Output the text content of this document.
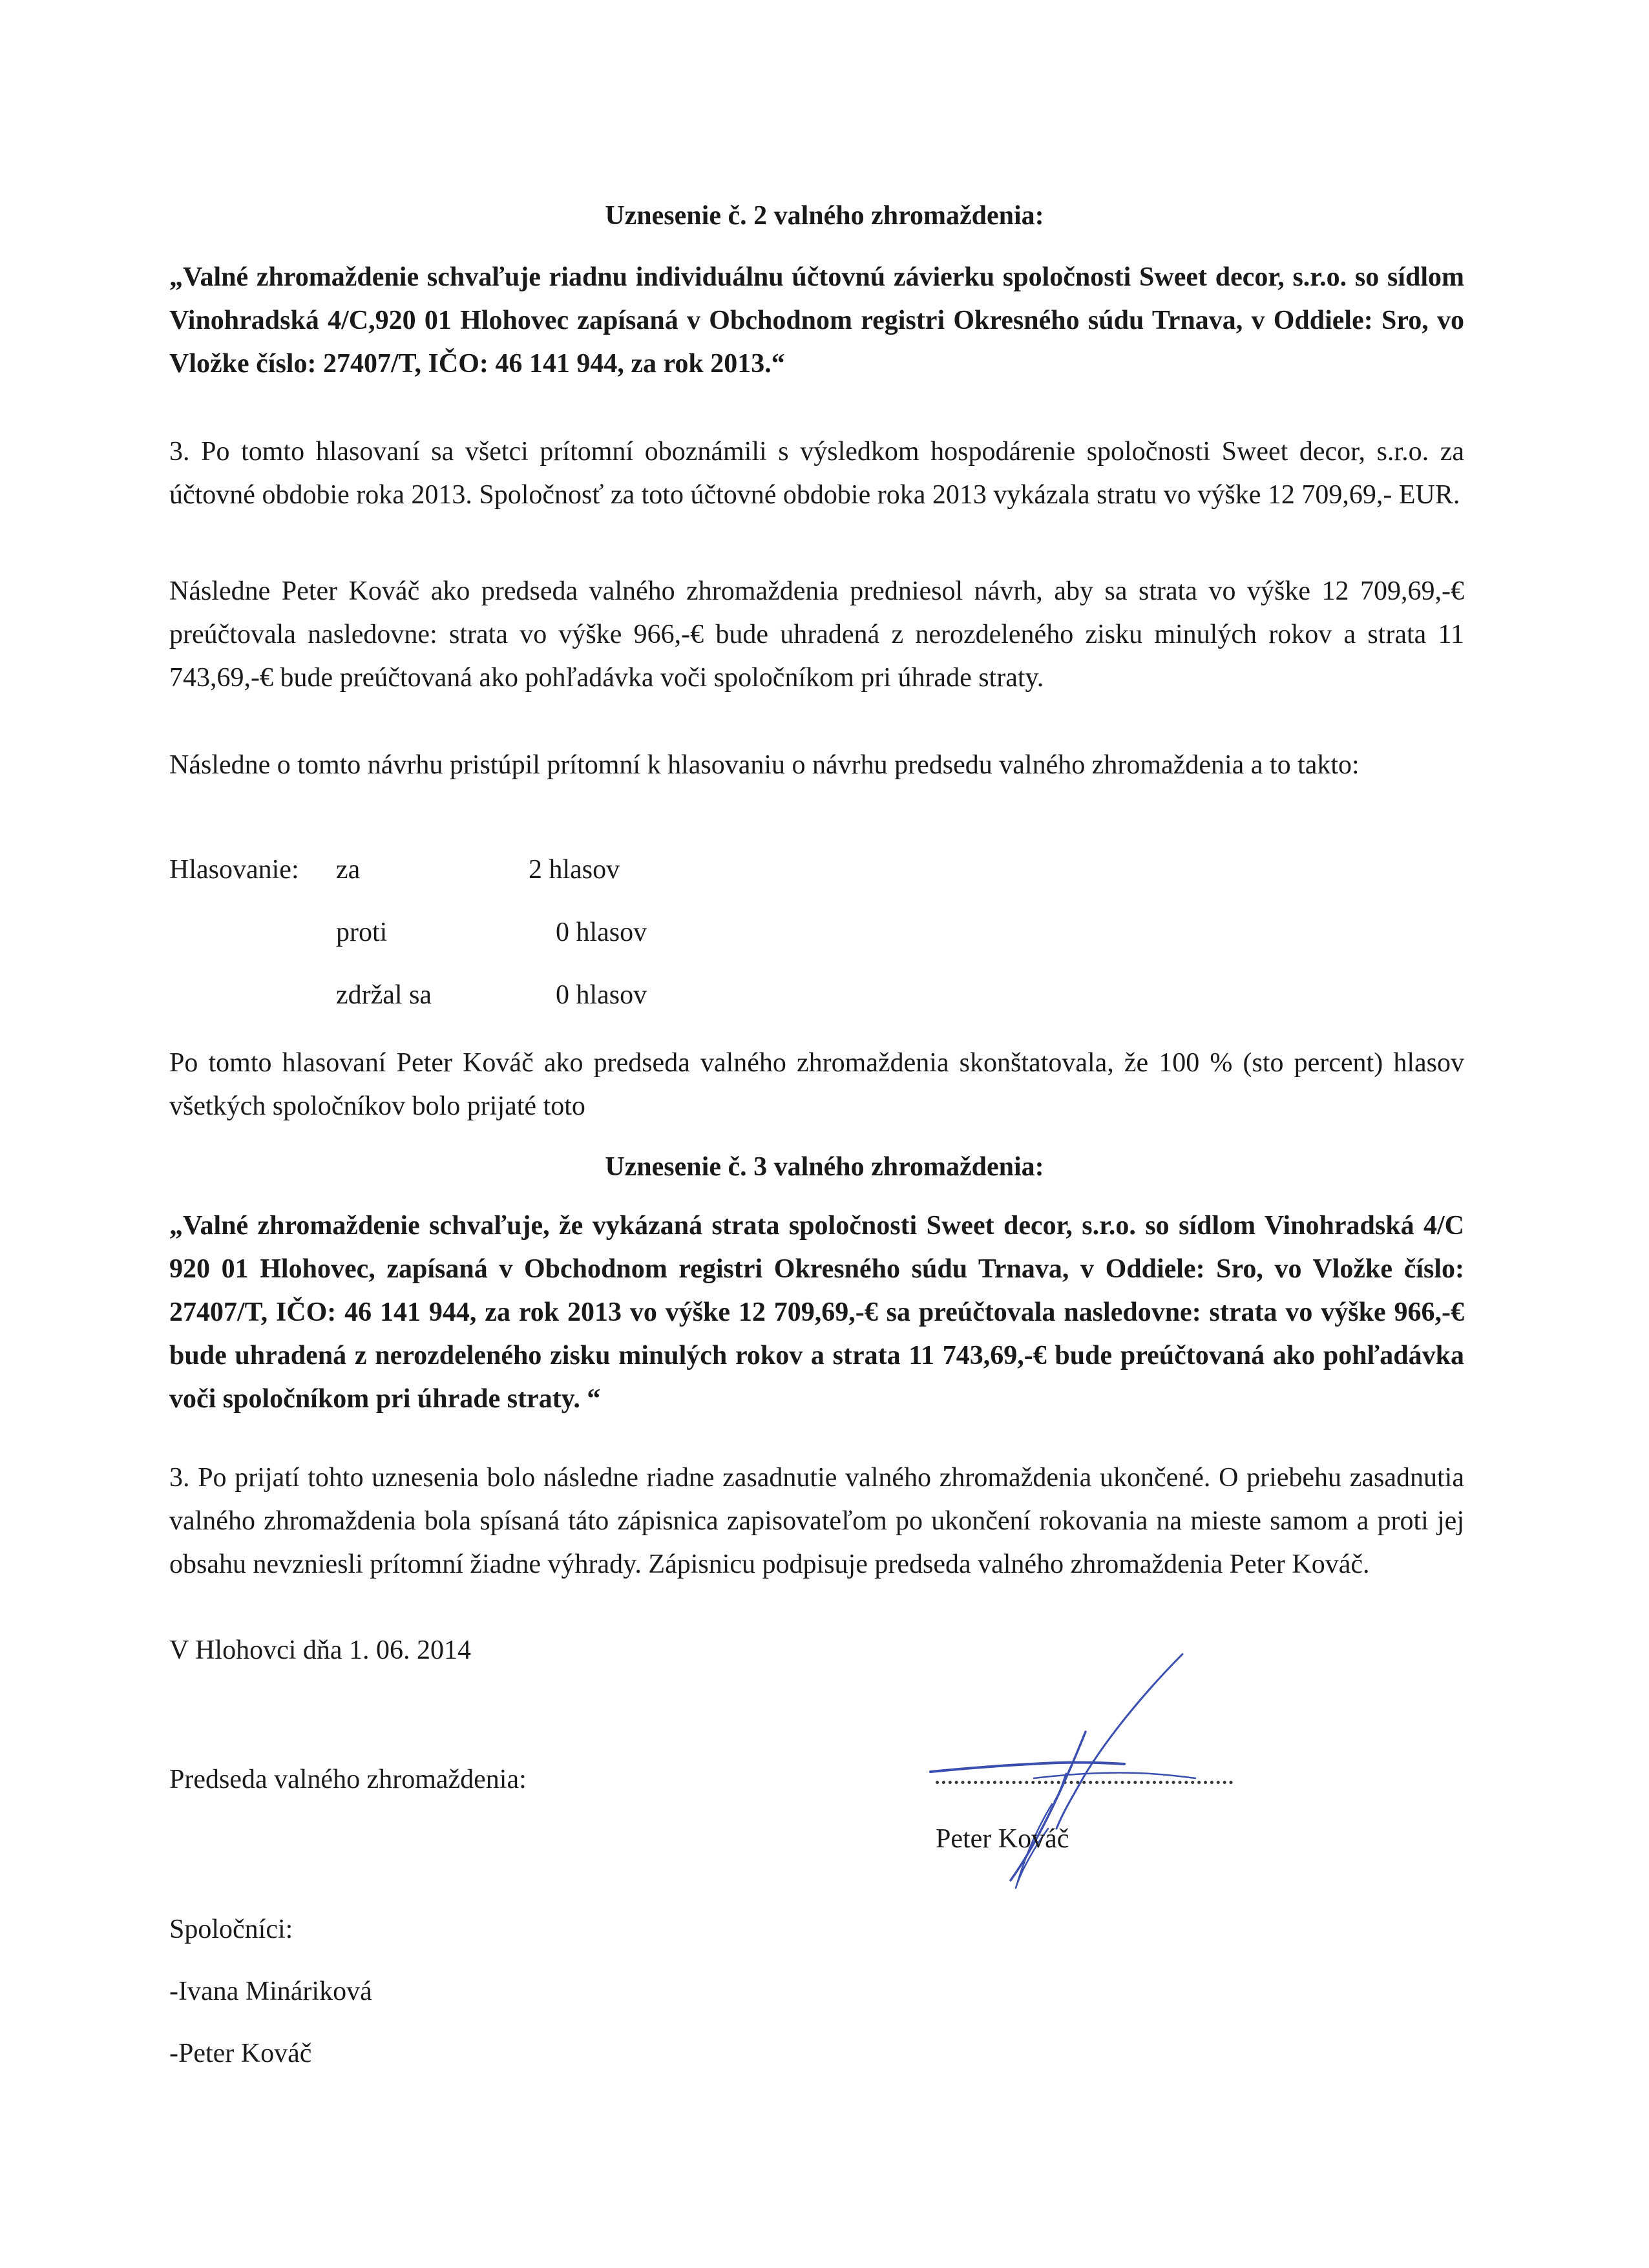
Uznesenie č. 2 valného zhromaždenia:
„Valné zhromaždenie schvaľuje riadnu individuálnu účtovnú závierku spoločnosti Sweet decor, s.r.o. so sídlom Vinohradská 4/C,920 01 Hlohovec zapísaná v Obchodnom registri Okresného súdu Trnava, v Oddiele: Sro, vo Vložke číslo: 27407/T, IČO: 46 141 944, za rok 2013.“
3. Po tomto hlasovaní sa všetci prítomní oboznámili s výsledkom hospodárenie spoločnosti Sweet decor, s.r.o. za účtovné obdobie roka 2013. Spoločnosť za toto účtovné obdobie roka 2013 vykázala stratu vo výške 12 709,69,- EUR.
Následne Peter Kováč ako predseda valného zhromaždenia predniesol návrh, aby sa strata vo výške 12 709,69,-€ preúčtovala nasledovne: strata vo výške 966,-€ bude uhradená z nerozdeleného zisku minulých rokov a strata 11 743,69,-€ bude preúčtovaná ako pohľadávka voči spoločníkom pri úhrade straty.
Následne o tomto návrhu pristúpil prítomní k hlasovaniu o návrhu predsedu valného zhromaždenia a to takto:
Hlasovanie: za	2 hlasov
proti	0 hlasov
zdržal sa	0 hlasov
Po tomto hlasovaní Peter Kováč ako predseda valného zhromaždenia skonštatovala, že 100 % (sto percent) hlasov všetkých spoločníkov bolo prijaté toto
Uznesenie č. 3 valného zhromaždenia:
„Valné zhromaždenie schvaľuje, že vykázaná strata spoločnosti Sweet decor, s.r.o. so sídlom Vinohradská 4/C 920 01 Hlohovec, zapísaná v Obchodnom registri Okresného súdu Trnava, v Oddiele: Sro, vo Vložke číslo: 27407/T, IČO: 46 141 944, za rok 2013 vo výške 12 709,69,-€ sa preúčtovala nasledovne: strata vo výške 966,-€ bude uhradená z nerozdeleného zisku minulých rokov a strata 11 743,69,-€ bude preúčtovaná ako pohľadávka voči spoločníkom pri úhrade straty. “
3. Po prijatí tohto uznesenia bolo následne riadne zasadnutie valného zhromaždenia ukončené. O priebehu zasadnutia valného zhromaždenia bola spísaná táto zápisnica zapisovateľom po ukončení rokovania na mieste samom a proti jej obsahu nevzniesli prítomní žiadne výhrady. Zápisnicu podpisuje predseda valného zhromaždenia Peter Kováč.
V Hlohovci dňa 1. 06. 2014
Predseda valného zhromaždenia:
Peter Kováč
Spoločníci:
-Ivana Mináriková
-Peter Kováč
